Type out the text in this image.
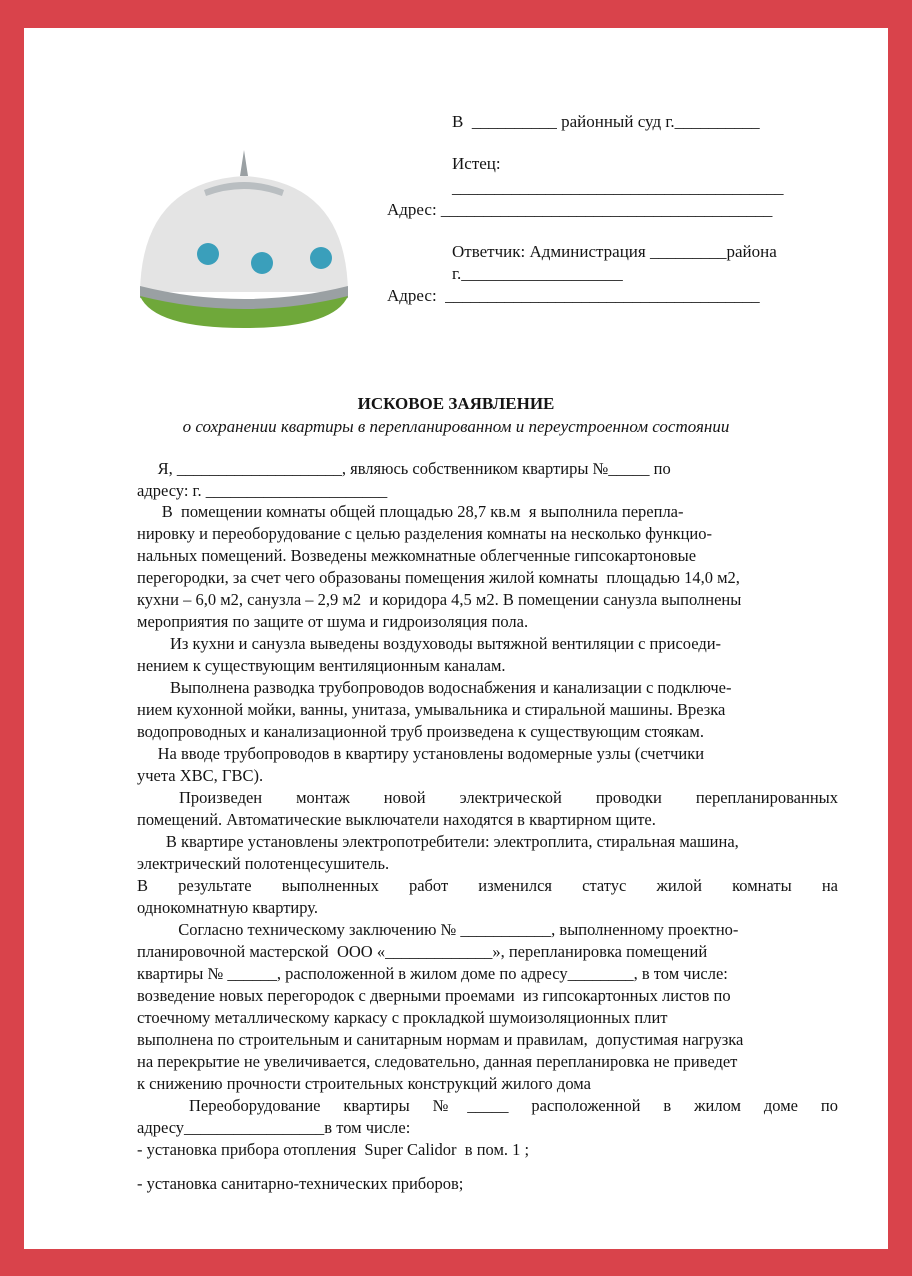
В  __________ районный суд г.__________
Истец:
_______________________________________
Адрес: _______________________________________
Ответчик: Администрация _________района
г.___________________
Адрес:  _____________________________________
ИСКОВОЕ ЗАЯВЛЕНИЕ
о сохранении квартиры в перепланированном и переустроенном состоянии
Я, ____________________, являюсь собственником квартиры №_____ по
адресу: г. ______________________
В  помещении комнаты общей площадью 28,7 кв.м  я выполнила перепла-
нировку и переоборудование с целью разделения комнаты на несколько функцио-
нальных помещений. Возведены межкомнатные облегченные гипсокартоновые
перегородки, за счет чего образованы помещения жилой комнаты  площадью 14,0 м2,
кухни – 6,0 м2, санузла – 2,9 м2  и коридора 4,5 м2. В помещении санузла выполнены
мероприятия по защите от шума и гидроизоляция пола.
Из кухни и санузла выведены воздуховоды вытяжной вентиляции с присоеди-
нением к существующим вентиляционным каналам.
Выполнена разводка трубопроводов водоснабжения и канализации с подключе-
нием кухонной мойки, ванны, унитаза, умывальника и стиральной машины. Врезка
водопроводных и канализационной труб произведена к существующим стоякам.
На вводе трубопроводов в квартиру установлены водомерные узлы (счетчики
учета ХВС, ГВС).
Произведен монтаж новой электрической проводки перепланированных
помещений. Автоматические выключатели находятся в квартирном щите.
В квартире установлены электропотребители: электроплита, стиральная машина,
электрический полотенцесушитель.
В результате выполненных работ изменился статус жилой комнаты на
однокомнатную квартиру.
Согласно техническому заключению № ___________, выполненному проектно-
планировочной мастерской  ООО «_____________», перепланировка помещений
квартиры № ______, расположенной в жилом доме по адресу________, в том числе:
возведение новых перегородок с дверными проемами  из гипсокартонных листов по
стоечному металлическому каркасу с прокладкой шумоизоляционных плит
выполнена по строительным и санитарным нормам и правилам,  допустимая нагрузка
на перекрытие не увеличивается, следовательно, данная перепланировка не приведет
к снижению прочности строительных конструкций жилого дома
Переоборудование квартиры №_____ расположенной в жилом доме по
адресу_________________в том числе:
- установка прибора отопления  Super Calidor  в пом. 1 ;
- установка санитарно-технических приборов;
